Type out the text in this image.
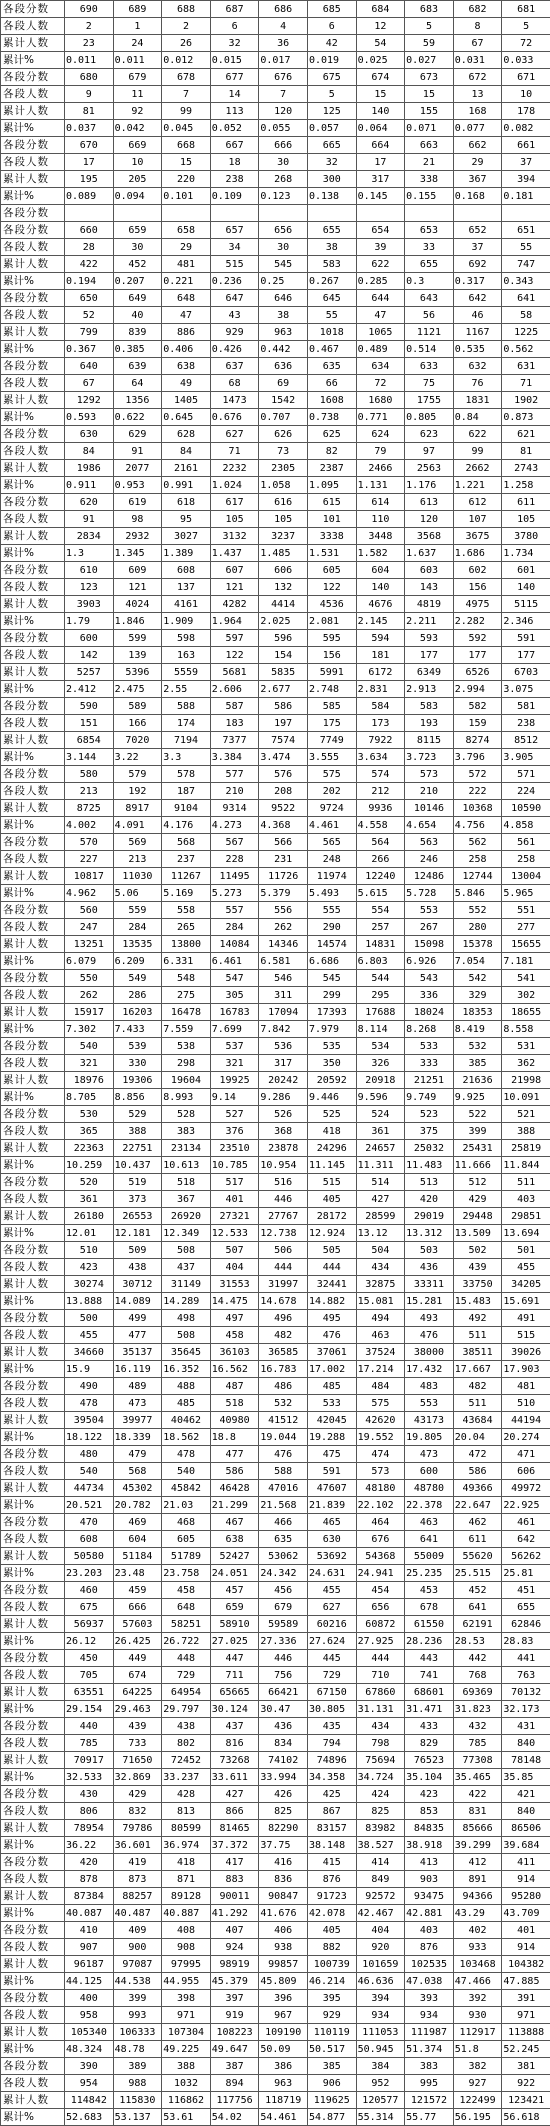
各段分数	690	689	688	687	686	685	684	683	682	681
各段人数	2	1	2	6	4	6	12	5	8	5
累计人数	23	24	26	32	36	42	54	59	67	72
累计%	0.011	0.011	0.012	0.015	0.017	0.019	0.025	0.027	0.031	0.033
各段分数	680	679	678	677	676	675	674	673	672	671
各段人数	9	11	7	14	7	5	15	15	13	10
累计人数	81	92	99	113	120	125	140	155	168	178
累计%	0.037	0.042	0.045	0.052	0.055	0.057	0.064	0.071	0.077	0.082
各段分数	670	669	668	667	666	665	664	663	662	661
各段人数	17	10	15	18	30	32	17	21	29	37
累计人数	195	205	220	238	268	300	317	338	367	394
累计%	0.089	0.094	0.101	0.109	0.123	0.138	0.145	0.155	0.168	0.181
各段分数										
各段分数	660	659	658	657	656	655	654	653	652	651
各段人数	28	30	29	34	30	38	39	33	37	55
累计人数	422	452	481	515	545	583	622	655	692	747
累计%	0.194	0.207	0.221	0.236	0.25	0.267	0.285	0.3	0.317	0.343
各段分数	650	649	648	647	646	645	644	643	642	641
各段人数	52	40	47	43	38	55	47	56	46	58
累计人数	799	839	886	929	963	1018	1065	1121	1167	1225
累计%	0.367	0.385	0.406	0.426	0.442	0.467	0.489	0.514	0.535	0.562
各段分数	640	639	638	637	636	635	634	633	632	631
各段人数	67	64	49	68	69	66	72	75	76	71
累计人数	1292	1356	1405	1473	1542	1608	1680	1755	1831	1902
累计%	0.593	0.622	0.645	0.676	0.707	0.738	0.771	0.805	0.84	0.873
各段分数	630	629	628	627	626	625	624	623	622	621
各段人数	84	91	84	71	73	82	79	97	99	81
累计人数	1986	2077	2161	2232	2305	2387	2466	2563	2662	2743
累计%	0.911	0.953	0.991	1.024	1.058	1.095	1.131	1.176	1.221	1.258
各段分数	620	619	618	617	616	615	614	613	612	611
各段人数	91	98	95	105	105	101	110	120	107	105
累计人数	2834	2932	3027	3132	3237	3338	3448	3568	3675	3780
累计%	1.3	1.345	1.389	1.437	1.485	1.531	1.582	1.637	1.686	1.734
各段分数	610	609	608	607	606	605	604	603	602	601
各段人数	123	121	137	121	132	122	140	143	156	140
累计人数	3903	4024	4161	4282	4414	4536	4676	4819	4975	5115
累计%	1.79	1.846	1.909	1.964	2.025	2.081	2.145	2.211	2.282	2.346
各段分数	600	599	598	597	596	595	594	593	592	591
各段人数	142	139	163	122	154	156	181	177	177	177
累计人数	5257	5396	5559	5681	5835	5991	6172	6349	6526	6703
累计%	2.412	2.475	2.55	2.606	2.677	2.748	2.831	2.913	2.994	3.075
各段分数	590	589	588	587	586	585	584	583	582	581
各段人数	151	166	174	183	197	175	173	193	159	238
累计人数	6854	7020	7194	7377	7574	7749	7922	8115	8274	8512
累计%	3.144	3.22	3.3	3.384	3.474	3.555	3.634	3.723	3.796	3.905
各段分数	580	579	578	577	576	575	574	573	572	571
各段人数	213	192	187	210	208	202	212	210	222	224
累计人数	8725	8917	9104	9314	9522	9724	9936	10146	10368	10590
累计%	4.002	4.091	4.176	4.273	4.368	4.461	4.558	4.654	4.756	4.858
各段分数	570	569	568	567	566	565	564	563	562	561
各段人数	227	213	237	228	231	248	266	246	258	258
累计人数	10817	11030	11267	11495	11726	11974	12240	12486	12744	13004
累计%	4.962	5.06	5.169	5.273	5.379	5.493	5.615	5.728	5.846	5.965
各段分数	560	559	558	557	556	555	554	553	552	551
各段人数	247	284	265	284	262	290	257	267	280	277
累计人数	13251	13535	13800	14084	14346	14574	14831	15098	15378	15655
累计%	6.079	6.209	6.331	6.461	6.581	6.686	6.803	6.926	7.054	7.181
各段分数	550	549	548	547	546	545	544	543	542	541
各段人数	262	286	275	305	311	299	295	336	329	302
累计人数	15917	16203	16478	16783	17094	17393	17688	18024	18353	18655
累计%	7.302	7.433	7.559	7.699	7.842	7.979	8.114	8.268	8.419	8.558
各段分数	540	539	538	537	536	535	534	533	532	531
各段人数	321	330	298	321	317	350	326	333	385	362
累计人数	18976	19306	19604	19925	20242	20592	20918	21251	21636	21998
累计%	8.705	8.856	8.993	9.14	9.286	9.446	9.596	9.749	9.925	10.091
各段分数	530	529	528	527	526	525	524	523	522	521
各段人数	365	388	383	376	368	418	361	375	399	388
累计人数	22363	22751	23134	23510	23878	24296	24657	25032	25431	25819
累计%	10.259	10.437	10.613	10.785	10.954	11.145	11.311	11.483	11.666	11.844
各段分数	520	519	518	517	516	515	514	513	512	511
各段人数	361	373	367	401	446	405	427	420	429	403
累计人数	26180	26553	26920	27321	27767	28172	28599	29019	29448	29851
累计%	12.01	12.181	12.349	12.533	12.738	12.924	13.12	13.312	13.509	13.694
各段分数	510	509	508	507	506	505	504	503	502	501
各段人数	423	438	437	404	444	444	434	436	439	455
累计人数	30274	30712	31149	31553	31997	32441	32875	33311	33750	34205
累计%	13.888	14.089	14.289	14.475	14.678	14.882	15.081	15.281	15.483	15.691
各段分数	500	499	498	497	496	495	494	493	492	491
各段人数	455	477	508	458	482	476	463	476	511	515
累计人数	34660	35137	35645	36103	36585	37061	37524	38000	38511	39026
累计%	15.9	16.119	16.352	16.562	16.783	17.002	17.214	17.432	17.667	17.903
各段分数	490	489	488	487	486	485	484	483	482	481
各段人数	478	473	485	518	532	533	575	553	511	510
累计人数	39504	39977	40462	40980	41512	42045	42620	43173	43684	44194
累计%	18.122	18.339	18.562	18.8	19.044	19.288	19.552	19.805	20.04	20.274
各段分数	480	479	478	477	476	475	474	473	472	471
各段人数	540	568	540	586	588	591	573	600	586	606
累计人数	44734	45302	45842	46428	47016	47607	48180	48780	49366	49972
累计%	20.521	20.782	21.03	21.299	21.568	21.839	22.102	22.378	22.647	22.925
各段分数	470	469	468	467	466	465	464	463	462	461
各段人数	608	604	605	638	635	630	676	641	611	642
累计人数	50580	51184	51789	52427	53062	53692	54368	55009	55620	56262
累计%	23.203	23.48	23.758	24.051	24.342	24.631	24.941	25.235	25.515	25.81
各段分数	460	459	458	457	456	455	454	453	452	451
各段人数	675	666	648	659	679	627	656	678	641	655
累计人数	56937	57603	58251	58910	59589	60216	60872	61550	62191	62846
累计%	26.12	26.425	26.722	27.025	27.336	27.624	27.925	28.236	28.53	28.83
各段分数	450	449	448	447	446	445	444	443	442	441
各段人数	705	674	729	711	756	729	710	741	768	763
累计人数	63551	64225	64954	65665	66421	67150	67860	68601	69369	70132
累计%	29.154	29.463	29.797	30.124	30.47	30.805	31.131	31.471	31.823	32.173
各段分数	440	439	438	437	436	435	434	433	432	431
各段人数	785	733	802	816	834	794	798	829	785	840
累计人数	70917	71650	72452	73268	74102	74896	75694	76523	77308	78148
累计%	32.533	32.869	33.237	33.611	33.994	34.358	34.724	35.104	35.465	35.85
各段分数	430	429	428	427	426	425	424	423	422	421
各段人数	806	832	813	866	825	867	825	853	831	840
累计人数	78954	79786	80599	81465	82290	83157	83982	84835	85666	86506
累计%	36.22	36.601	36.974	37.372	37.75	38.148	38.527	38.918	39.299	39.684
各段分数	420	419	418	417	416	415	414	413	412	411
各段人数	878	873	871	883	836	876	849	903	891	914
累计人数	87384	88257	89128	90011	90847	91723	92572	93475	94366	95280
累计%	40.087	40.487	40.887	41.292	41.676	42.078	42.467	42.881	43.29	43.709
各段分数	410	409	408	407	406	405	404	403	402	401
各段人数	907	900	908	924	938	882	920	876	933	914
累计人数	96187	97087	97995	98919	99857	100739	101659	102535	103468	104382
累计%	44.125	44.538	44.955	45.379	45.809	46.214	46.636	47.038	47.466	47.885
各段分数	400	399	398	397	396	395	394	393	392	391
各段人数	958	993	971	919	967	929	934	934	930	971
累计人数	105340	106333	107304	108223	109190	110119	111053	111987	112917	113888
累计%	48.324	48.78	49.225	49.647	50.09	50.517	50.945	51.374	51.8	52.245
各段分数	390	389	388	387	386	385	384	383	382	381
各段人数	954	988	1032	894	963	906	952	995	927	922
累计人数	114842	115830	116862	117756	118719	119625	120577	121572	122499	123421
累计%	52.683	53.137	53.61	54.02	54.461	54.877	55.314	55.77	56.195	56.618
